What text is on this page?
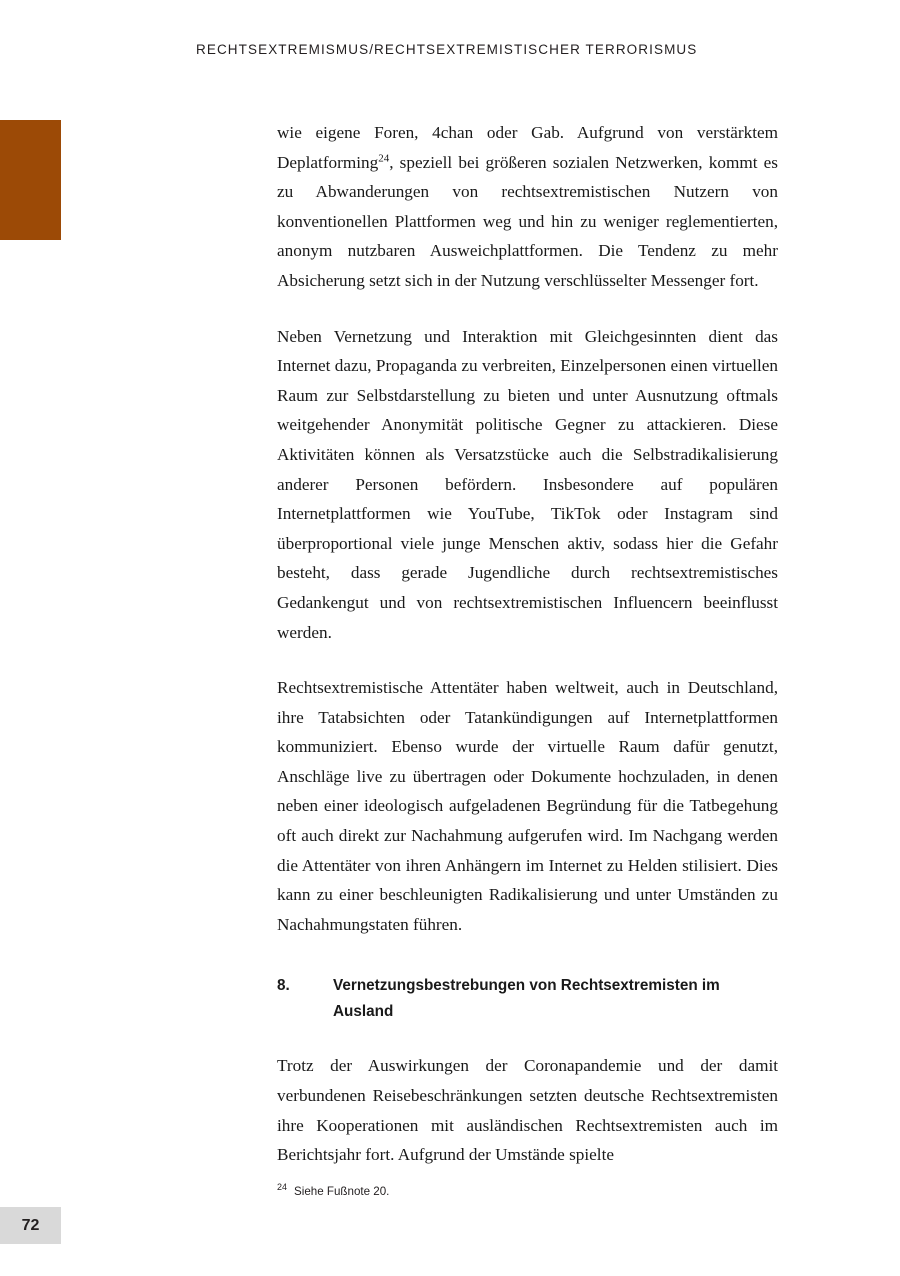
RECHTSEXTREMISMUS/RECHTSEXTREMISTISCHER TERRORISMUS

wie eigene Foren, 4chan oder Gab. Aufgrund von verstärktem Deplatforming$^{24}$, speziell bei größeren sozialen Netzwerken, kommt es zu Abwanderungen von rechtsextremistischen Nutzern von konventionellen Plattformen weg und hin zu weniger reglementierten, anonym nutzbaren Ausweichplattformen. Die Tendenz zu mehr Absicherung setzt sich in der Nutzung verschlüsselter Messenger fort.

Neben Vernetzung und Interaktion mit Gleichgesinnten dient das Internet dazu, Propaganda zu verbreiten, Einzelpersonen einen virtuellen Raum zur Selbstdarstellung zu bieten und unter Ausnutzung oftmals weitgehender Anonymität politische Gegner zu attackieren. Diese Aktivitäten können als Versatzstücke auch die Selbstradikalisierung anderer Personen befördern. Insbesondere auf populären Internetplattformen wie YouTube, TikTok oder Instagram sind überproportional viele junge Menschen aktiv, sodass hier die Gefahr besteht, dass gerade Jugendliche durch rechtsextremistisches Gedankengut und von rechtsextremistischen Influencern beeinflusst werden.

Rechtsextremistische Attentäter haben weltweit, auch in Deutschland, ihre Tatabsichten oder Tatankündigungen auf Internetplattformen kommuniziert. Ebenso wurde der virtuelle Raum dafür genutzt, Anschläge live zu übertragen oder Dokumente hochzuladen, in denen neben einer ideologisch aufgeladenen Begründung für die Tatbegehung oft auch direkt zur Nachahmung aufgerufen wird. Im Nachgang werden die Attentäter von ihren Anhängern im Internet zu Helden stilisiert. Dies kann zu einer beschleunigten Radikalisierung und unter Umständen zu Nachahmungstaten führen.

8.	Vernetzungsbestrebungen von Rechtsextremisten im Ausland

Trotz der Auswirkungen der Coronapandemie und der damit verbundenen Reisebeschränkungen setzten deutsche Rechtsextremisten ihre Kooperationen mit ausländischen Rechtsextremisten auch im Berichtsjahr fort. Aufgrund der Umstände spielte

$^{24}$ Siehe Fußnote 20.
72
